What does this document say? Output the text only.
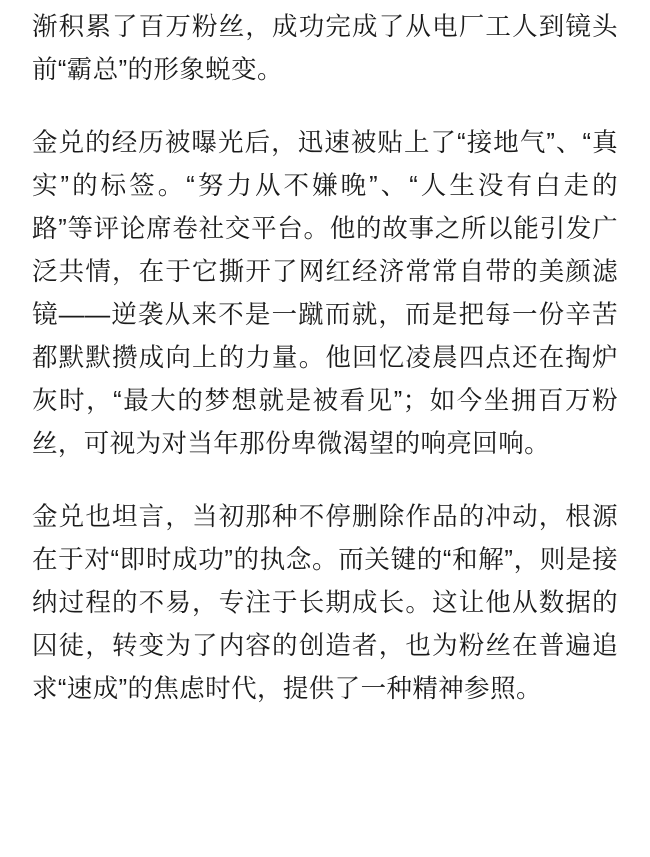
渐积累了百万粉丝，成功完成了从电厂工人到镜头前“霸总”的形象蜕变。

金兑的经历被曝光后，迅速被贴上了“接地气”、“真实”的标签。“努力从不嫌晚”、“人生没有白走的路”等评论席卷社交平台。他的故事之所以能引发广泛共情，在于它撕开了网红经济常常自带的美颜滤镜——逆袭从来不是一蹴而就，而是把每一份辛苦都默默攒成向上的力量。他回忆凌晨四点还在掏炉灰时，“最大的梦想就是被看见”；如今坐拥百万粉丝，可视为对当年那份卑微渴望的响亮回响。

金兑也坦言，当初那种不停删除作品的冲动，根源在于对“即时成功”的执念。而关键的“和解”，则是接纳过程的不易，专注于长期成长。这让他从数据的囚徒，转变为了内容的创造者，也为粉丝在普遍追求“速成”的焦虑时代，提供了一种精神参照。
